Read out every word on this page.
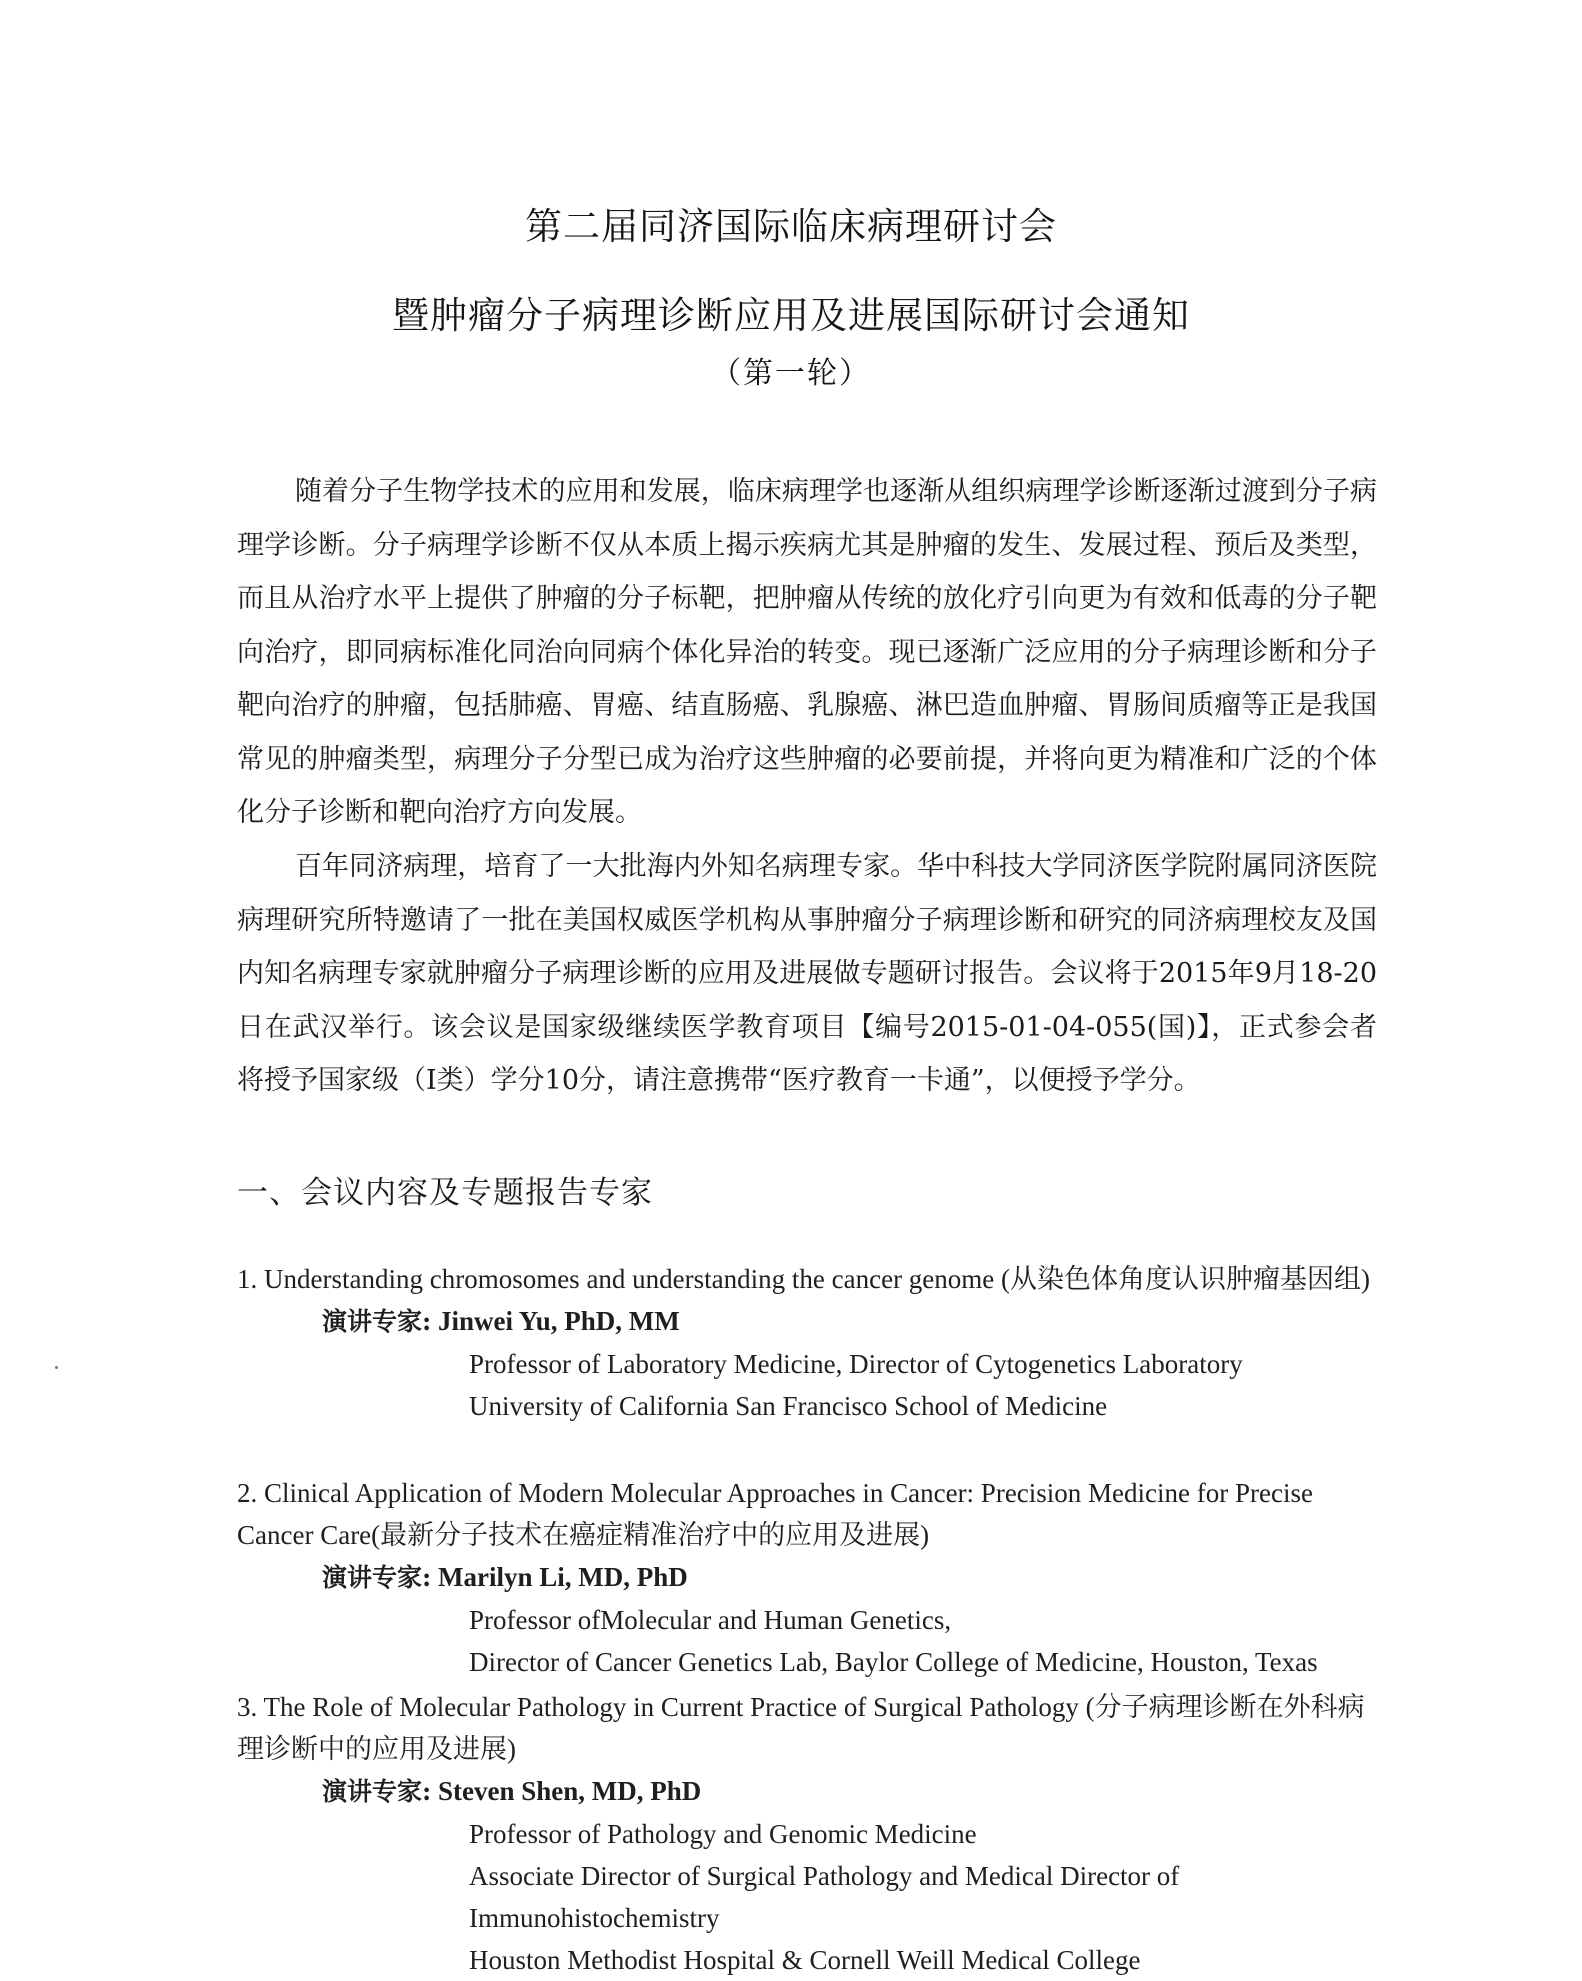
第二届同济国际临床病理研讨会
暨肿瘤分子病理诊断应用及进展国际研讨会通知
（第一轮）

随着分子生物学技术的应用和发展，临床病理学也逐渐从组织病理学诊断逐渐过渡到分子病理学诊断。分子病理学诊断不仅从本质上揭示疾病尤其是肿瘤的发生、发展过程、预后及类型，而且从治疗水平上提供了肿瘤的分子标靶，把肿瘤从传统的放化疗引向更为有效和低毒的分子靶向治疗，即同病标准化同治向同病个体化异治的转变。现已逐渐广泛应用的分子病理诊断和分子靶向治疗的肿瘤，包括肺癌、胃癌、结直肠癌、乳腺癌、淋巴造血肿瘤、胃肠间质瘤等正是我国常见的肿瘤类型，病理分子分型已成为治疗这些肿瘤的必要前提，并将向更为精准和广泛的个体化分子诊断和靶向治疗方向发展。

百年同济病理，培育了一大批海内外知名病理专家。华中科技大学同济医学院附属同济医院病理研究所特邀请了一批在美国权威医学机构从事肿瘤分子病理诊断和研究的同济病理校友及国内知名病理专家就肿瘤分子病理诊断的应用及进展做专题研讨报告。会议将于2015年9月18-20日在武汉举行。该会议是国家级继续医学教育项目【编号2015-01-04-055(国)】，正式参会者将授予国家级（I类）学分10分，请注意携带“医疗教育一卡通”，以便授予学分。

一、会议内容及专题报告专家

1. Understanding chromosomes and understanding the cancer genome (从染色体角度认识肿瘤基因组)

演讲专家: Jinwei Yu, PhD, MM

Professor of Laboratory Medicine, Director of Cytogenetics Laboratory

University of California San Francisco School of Medicine

2. Clinical Application of Modern Molecular Approaches in Cancer: Precision Medicine for Precise Cancer Care(最新分子技术在癌症精准治疗中的应用及进展)

演讲专家: Marilyn Li, MD, PhD

Professor ofMolecular and Human Genetics,

Director of Cancer Genetics Lab, Baylor College of Medicine, Houston, Texas

3. The Role of Molecular Pathology in Current Practice of Surgical Pathology (分子病理诊断在外科病理诊断中的应用及进展)

演讲专家: Steven Shen, MD, PhD

Professor of Pathology and Genomic Medicine

Associate Director of Surgical Pathology and Medical Director of

Immunohistochemistry

Houston Methodist Hospital & Cornell Weill Medical College
